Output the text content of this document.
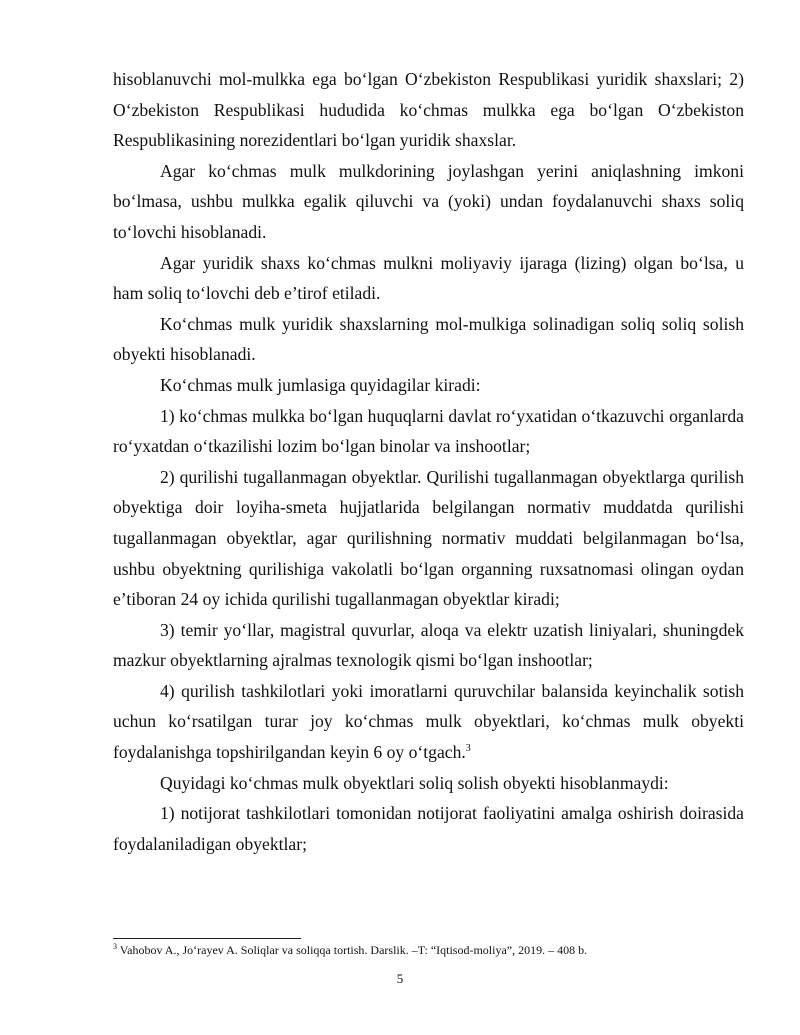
hisoblanuvchi mol-mulkka ega bo‘lgan O‘zbekiston Respublikasi yuridik shaxslari; 2) O‘zbekiston Respublikasi hududida ko‘chmas mulkka ega bo‘lgan O‘zbekiston Respublikasining norezidentlari bo‘lgan yuridik shaxslar.

Agar ko‘chmas mulk mulkdorining joylashgan yerini aniqlashning imkoni bo‘lmasa, ushbu mulkka egalik qiluvchi va (yoki) undan foydalanuvchi shaxs soliq to‘lovchi hisoblanadi.

Agar yuridik shaxs ko‘chmas mulkni moliyaviy ijaraga (lizing) olgan bo‘lsa, u ham soliq to‘lovchi deb e’tirof etiladi.

Ko‘chmas mulk yuridik shaxslarning mol-mulkiga solinadigan soliq soliq solish obyekti hisoblanadi.

Ko‘chmas mulk jumlasiga quyidagilar kiradi:

1) ko‘chmas mulkka bo‘lgan huquqlarni davlat ro‘yxatidan o‘tkazuvchi organlarda ro‘yxatdan o‘tkazilishi lozim bo‘lgan binolar va inshootlar;

2) qurilishi tugallanmagan obyektlar. Qurilishi tugallanmagan obyektlarga qurilish obyektiga doir loyiha-smeta hujjatlarida belgilangan normativ muddatda qurilishi tugallanmagan obyektlar, agar qurilishning normativ muddati belgilanmagan bo‘lsa, ushbu obyektning qurilishiga vakolatli bo‘lgan organning ruxsatnomasi olingan oydan e’tiboran 24 oy ichida qurilishi tugallanmagan obyektlar kiradi;

3) temir yo‘llar, magistral quvurlar, aloqa va elektr uzatish liniyalari, shuningdek mazkur obyektlarning ajralmas texnologik qismi bo‘lgan inshootlar;

4) qurilish tashkilotlari yoki imoratlarni quruvchilar balansida keyinchalik sotish uchun ko‘rsatilgan turar joy ko‘chmas mulk obyektlari, ko‘chmas mulk obyekti foydalanishga topshirilgandan keyin 6 oy o‘tgach.$^3$

Quyidagi ko‘chmas mulk obyektlari soliq solish obyekti hisoblanmaydi:

1) notijorat tashkilotlari tomonidan notijorat faoliyatini amalga oshirish doirasida foydalaniladigan obyektlar;

$^3$ Vahobov A., Jo‘rayev A. Soliqlar va soliqqa tortish. Darslik. –T: “Iqtisod-moliya”, 2019. – 408 b.
5
